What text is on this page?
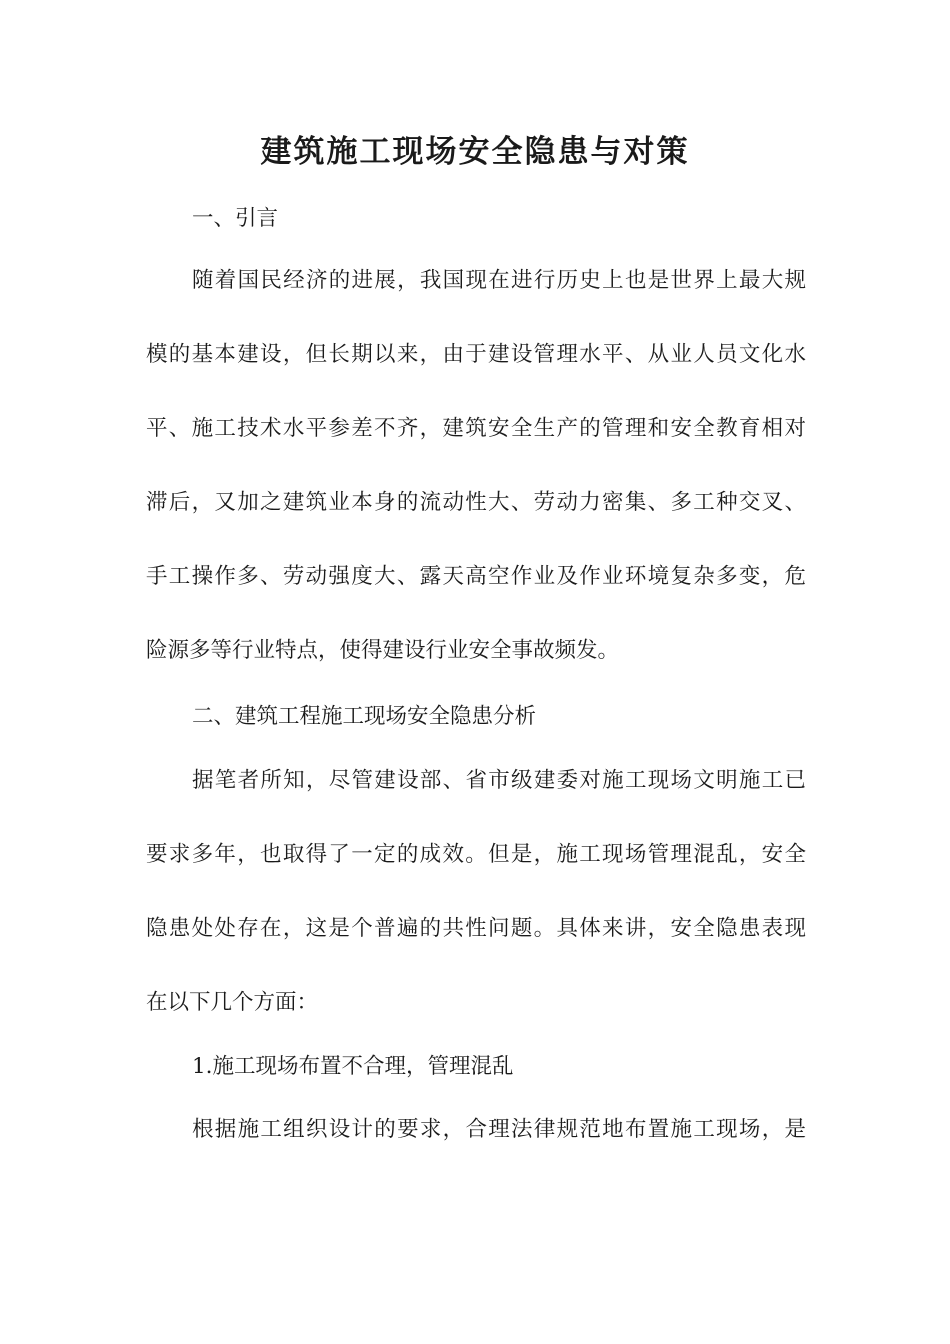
建筑施工现场安全隐患与对策
一、引言
随着国民经济的进展，我国现在进行历史上也是世界上最大规
模的基本建设，但长期以来，由于建设管理水平、从业人员文化水
平、施工技术水平参差不齐，建筑安全生产的管理和安全教育相对
滞后，又加之建筑业本身的流动性大、劳动力密集、多工种交叉、
手工操作多、劳动强度大、露天高空作业及作业环境复杂多变，危
险源多等行业特点，使得建设行业安全事故频发。
二、建筑工程施工现场安全隐患分析
据笔者所知，尽管建设部、省市级建委对施工现场文明施工已
要求多年，也取得了一定的成效。但是，施工现场管理混乱，安全
隐患处处存在，这是个普遍的共性问题。具体来讲，安全隐患表现
在以下几个方面：
1.施工现场布置不合理，管理混乱
根据施工组织设计的要求，合理法律规范地布置施工现场，是
